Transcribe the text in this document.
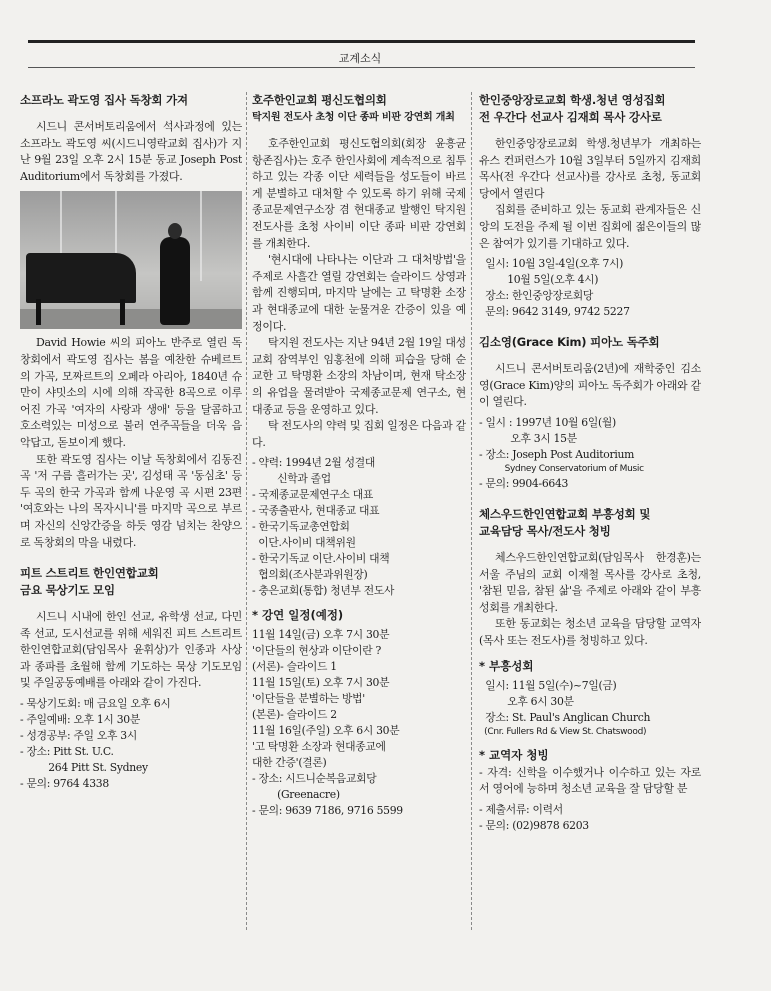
교계소식
소프라노 곽도영 집사 독창회 가져

시드니 콘서버토리움에서 석사과정에 있는 소프라노 곽도영 씨(시드니영락교회 집사)가 지난 9월 23일 오후 2시 15분 동교 Joseph Post Auditorium에서 독창회를 가졌다.

David Howie 씨의 피아노 반주로 열린 독창회에서 곽도영 집사는 봄을 예찬한 슈베르트의 가곡, 모짜르트의 오페라 아리아, 1840년 슈만이 샤밋소의 시에 의해 작곡한 8곡으로 이루어진 가곡 '여자의 사랑과 생애' 등을 달콤하고 호소력있는 미성으로 불러 연주곡들을 더욱 음악답고, 돋보이게 했다.

또한 곽도영 집사는 이날 독창회에서 김동진 곡 '저 구름 흘러가는 곳', 김성태 곡 '동심초' 등 두 곡의 한국 가곡과 함께 나운영 곡 시편 23편 '여호와는 나의 목자시니'를 마지막 곡으로 부르며 자신의 신앙간증을 하듯 영감 넘치는 찬양으로 독창회의 막을 내렸다.

피트 스트리트 한인연합교회
금요 묵상기도 모임

시드니 시내에 한인 선교, 유학생 선교, 다민족 선교, 도시선교를 위해 세워진 피트 스트리트 한인연합교회(담임목사 윤휘상)가 인종과 사상과 종파를 초월해 함께 기도하는 묵상 기도모임 및 주일공동예배를 아래와 같이 가진다.

- 묵상기도회: 매 금요일 오후 6시
- 주일예배: 오후 1시 30분
- 성경공부: 주일 오후 3시
- 장소: Pitt St. U.C.
264 Pitt St. Sydney
- 문의: 9764 4338
호주한인교회 평신도협의회
탁지원 전도사 초청 이단 종파 비판 강연회 개최

호주한인교회 평신도협의회(회장 윤흥균 항존집사)는 호주 한인사회에 계속적으로 침투하고 있는 각종 이단 세력들을 성도들이 바르게 분별하고 대처할 수 있도록 하기 위해 국제종교문제연구소장 겸 현대종교 발행인 탁지원 전도사를 초청 사이비 이단 종파 비판 강연회를 개최한다.

'현시대에 나타나는 이단과 그 대처방법'을 주제로 사흘간 열릴 강연회는 슬라이드 상영과 함께 진행되며, 마지막 날에는 고 탁명환 소장과 현대종교에 대한 눈물겨운 간증이 있을 예정이다.

탁지원 전도사는 지난 94년 2월 19일 대성교회 잠역부인 임홍천에 의해 피습을 당해 순교한 고 탁명환 소장의 차남이며, 현재 탁소장의 유업을 물려받아 국제종교문제 연구소, 현대종교 등을 운영하고 있다.

탁 전도사의 약력 및 집회 일정은 다음과 같다.

- 약력: 1994년 2월 성결대
신학과 졸업
- 국제종교문제연구소 대표
- 국종출판사, 현대종교 대표
- 한국기독교총연합회
이단.사이비 대책위원
- 한국기독교 이단.사이비 대책
협의회(조사분과위원장)
- 충은교회(통합) 청년부 전도사
* 강연 일정(예정)
11월 14일(금) 오후 7시 30분
'이단들의 현상과 이단이란 ?
(서론)- 슬라이드 1
11월 15일(토) 오후 7시 30분
'이단들을 분별하는 방법'
(본론)- 슬라이드 2
11월 16일(주일) 오후 6시 30분
'고 탁명환 소장과 현대종교에
대한 간증'(결론)
- 장소: 시드니순복음교회당
(Greenacre)
- 문의: 9639 7186, 9716 5599
한인중앙장로교회 학생.청년 영성집회
전 우간다 선교사 김재희 목사 강사로

한인중앙장로교회 학생.청년부가 개최하는 유스 컨퍼런스가 10월 3일부터 5일까지 김재희 목사(전 우간다 선교사)를 강사로 초청, 동교회당에서 열린다

집회를 준비하고 있는 동교회 관계자들은 신앙의 도전을 주제 될 이번 집회에 젊은이들의 많은 참여가 있기를 기대하고 있다.

일시: 10월 3일-4일(오후 7시)
10월 5일(오후 4시)
장소: 한인중앙장로회당
문의: 9642 3149, 9742 5227
김소영(Grace Kim) 피아노 독주회

시드니 콘서버토리움(2년)에 재학중인 김소영(Grace Kim)양의 피아노 독주회가 아래와 같이 열린다.

- 일시 : 1997년 10월 6일(월)
오후 3시 15분
- 장소: Joseph Post Auditorium
Sydney Conservatorium of Music
- 문의: 9904-6643
체스우드한인연합교회 부흥성회 및
교육담당 목사/전도사 청빙

체스우드한인연합교회(담임목사 한경훈)는 서울 주님의 교회 이재철 목사를 강사로 초청, '참된 믿음, 참된 삶'을 주제로 아래와 같이 부흥성회를 개최한다.

또한 동교회는 청소년 교육을 담당할 교역자(목사 또는 전도사)를 청빙하고 있다.

* 부흥성회
일시: 11월 5일(수)~7일(금)
오후 6시 30분
장소: St. Paul's Anglican Church
(Cnr. Fullers Rd & View St. Chatswood)
* 교역자 청빙

- 자격: 신학을 이수했거나 이수하고 있는 자로서 영어에 능하며 청소년 교육을 잘 담당할 분

- 제출서류: 이력서
- 문의: (02)9878 6203
